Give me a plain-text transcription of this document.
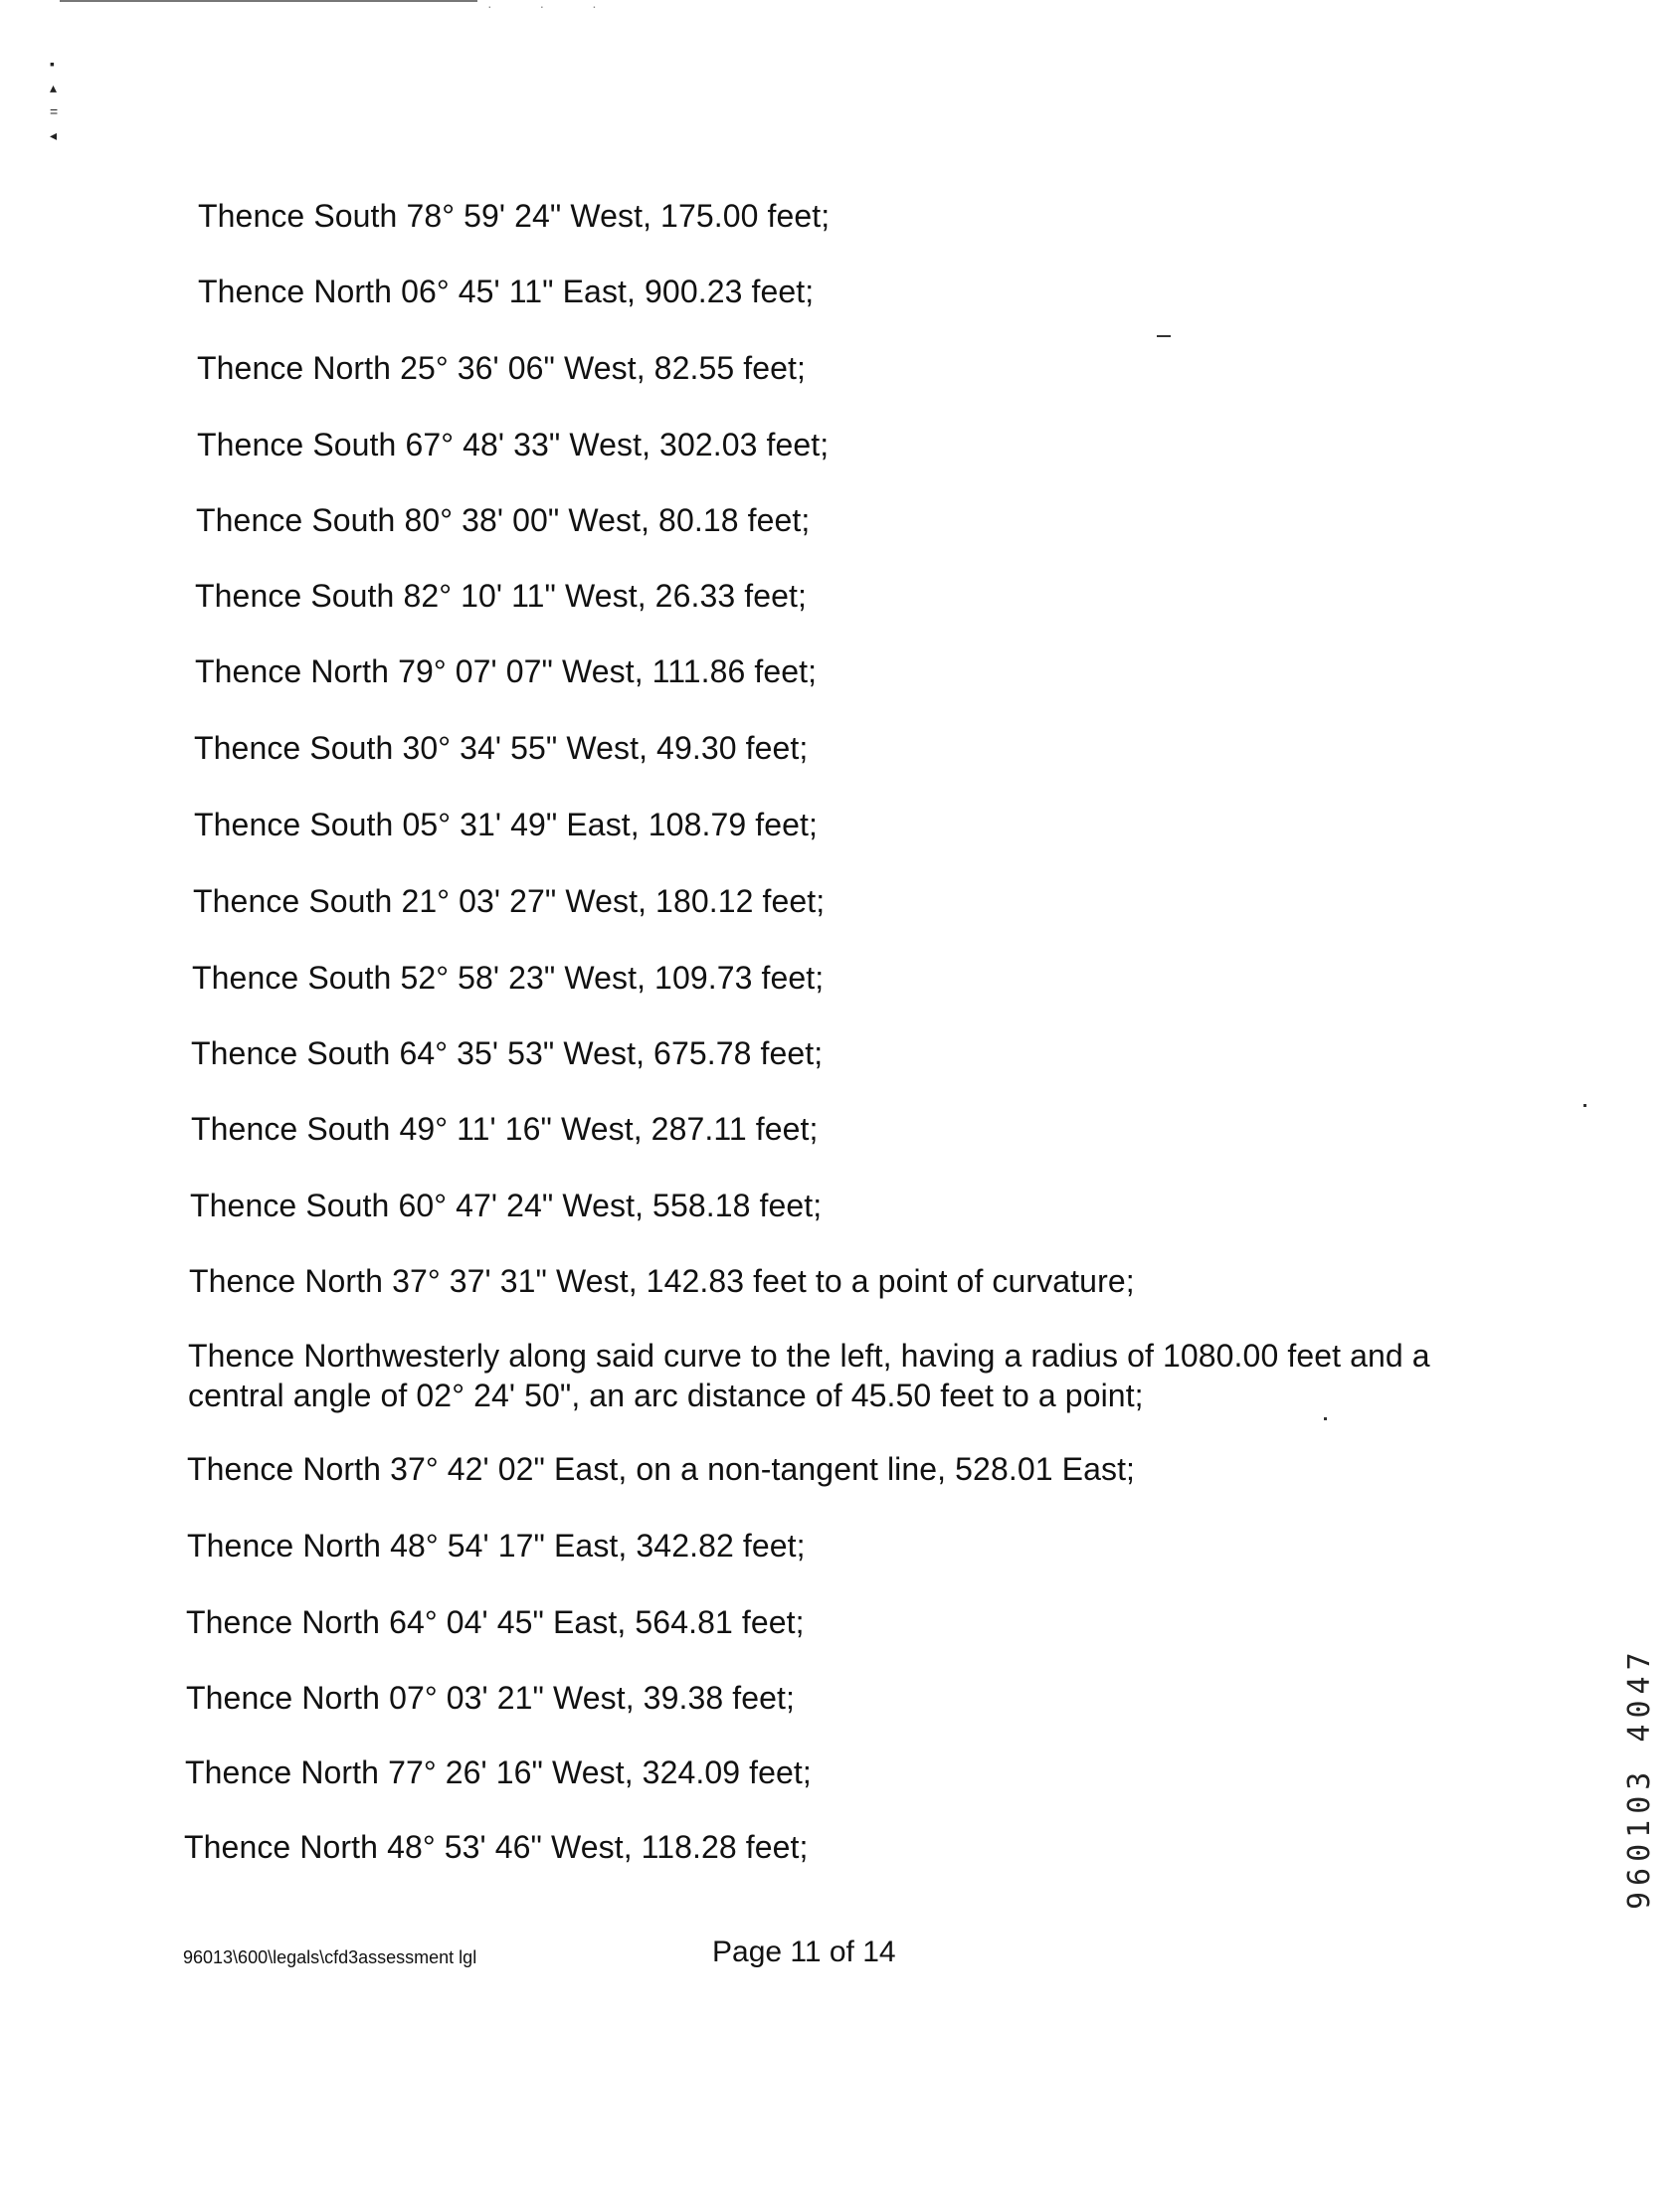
· · ·
▪
▴
=
◂
Thence South 78° 59' 24" West, 175.00 feet;
Thence North 06° 45' 11" East, 900.23 feet;
Thence North 25° 36' 06" West, 82.55 feet;
Thence South 67° 48' 33" West, 302.03 feet;
Thence South 80° 38' 00" West, 80.18 feet;
Thence South 82° 10' 11" West, 26.33 feet;
Thence North 79° 07' 07" West, 111.86 feet;
Thence South 30° 34' 55" West, 49.30 feet;
Thence South 05° 31' 49" East, 108.79 feet;
Thence South 21° 03' 27" West, 180.12 feet;
Thence South 52° 58' 23" West, 109.73 feet;
Thence South 64° 35' 53" West, 675.78 feet;
Thence South 49° 11' 16" West, 287.11 feet;
Thence South 60° 47' 24" West, 558.18 feet;
Thence North 37° 37' 31" West, 142.83 feet to a point of curvature;
Thence Northwesterly along said curve to the left, having a radius of 1080.00 feet and a central angle of 02° 24' 50", an arc distance of 45.50 feet to a point;
Thence North 37° 42' 02" East, on a non-tangent line, 528.01 East;
Thence North 48° 54' 17" East, 342.82 feet;
Thence North 64° 04' 45" East, 564.81 feet;
Thence North 07° 03' 21" West, 39.38 feet;
Thence North 77° 26' 16" West, 324.09 feet;
Thence North 48° 53' 46" West, 118.28 feet;
96013\600\legals\cfd3assessment lgl	Page 11 of 14
960103 4047
